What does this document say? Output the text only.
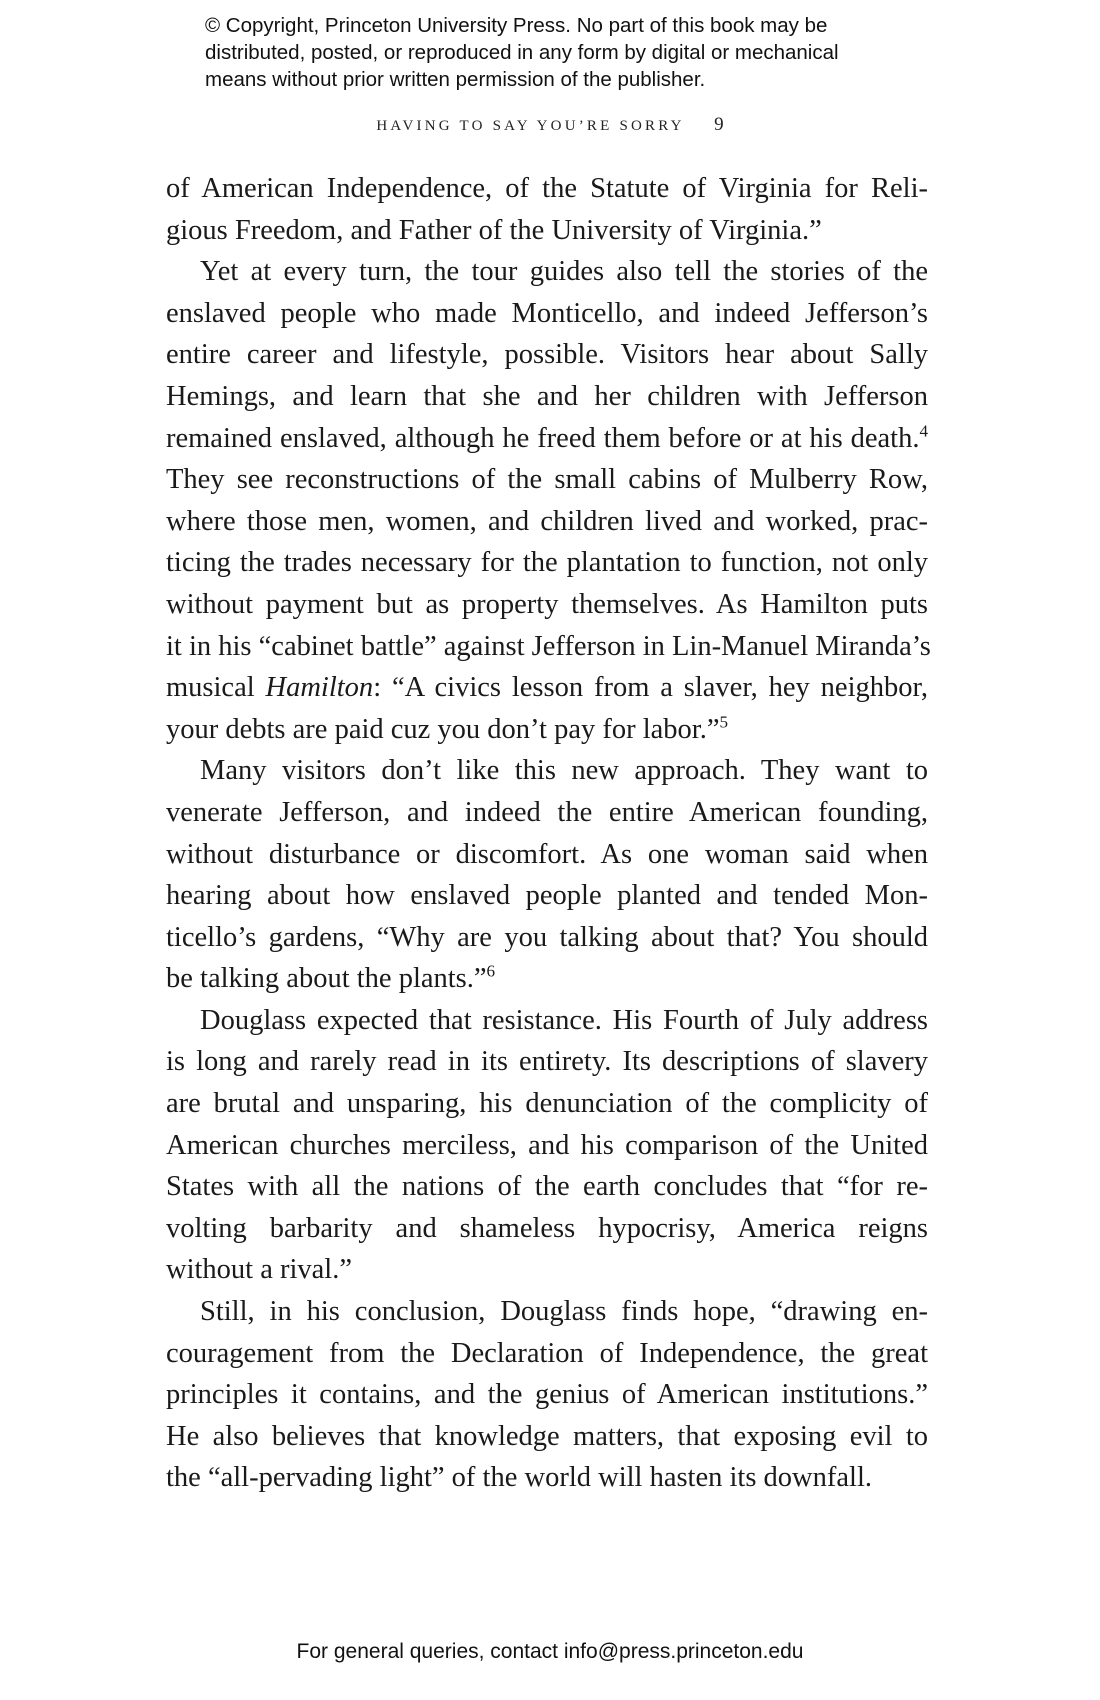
© Copyright, Princeton University Press. No part of this book may be
distributed, posted, or reproduced in any form by digital or mechanical
means without prior written permission of the publisher.
HAVING TO SAY YOU’RE SORRY 9
of American Independence, of the Statute of Virginia for Reli-
gious Freedom, and Father of the University of Virginia.”
Yet at every turn, the tour guides also tell the stories of the
enslaved people who made Monticello, and indeed Jefferson’s
entire career and lifestyle, possible. Visitors hear about Sally
Hemings, and learn that she and her children with Jefferson
remained enslaved, although he freed them before or at his death.$^4$
They see reconstructions of the small cabins of Mulberry Row,
where those men, women, and children lived and worked, prac-
ticing the trades necessary for the plantation to function, not only
without payment but as property themselves. As Hamilton puts
it in his “cabinet battle” against Jefferson in Lin-Manuel Miranda’s
musical Hamilton: “A civics lesson from a slaver, hey neighbor,
your debts are paid cuz you don’t pay for labor.”$^5$
Many visitors don’t like this new approach. They want to
venerate Jefferson, and indeed the entire American founding,
without disturbance or discomfort. As one woman said when
hearing about how enslaved people planted and tended Mon-
ticello’s gardens, “Why are you talking about that? You should
be talking about the plants.”$^6$
Douglass expected that resistance. His Fourth of July address
is long and rarely read in its entirety. Its descriptions of slavery
are brutal and unsparing, his denunciation of the complicity of
American churches merciless, and his comparison of the United
States with all the nations of the earth concludes that “for re-
volting barbarity and shameless hypocrisy, America reigns
without a rival.”
Still, in his conclusion, Douglass finds hope, “drawing en-
couragement from the Declaration of Independence, the great
principles it contains, and the genius of American institutions.”
He also believes that knowledge matters, that exposing evil to
the “all-pervading light” of the world will hasten its downfall.
For general queries, contact info@press.princeton.edu
